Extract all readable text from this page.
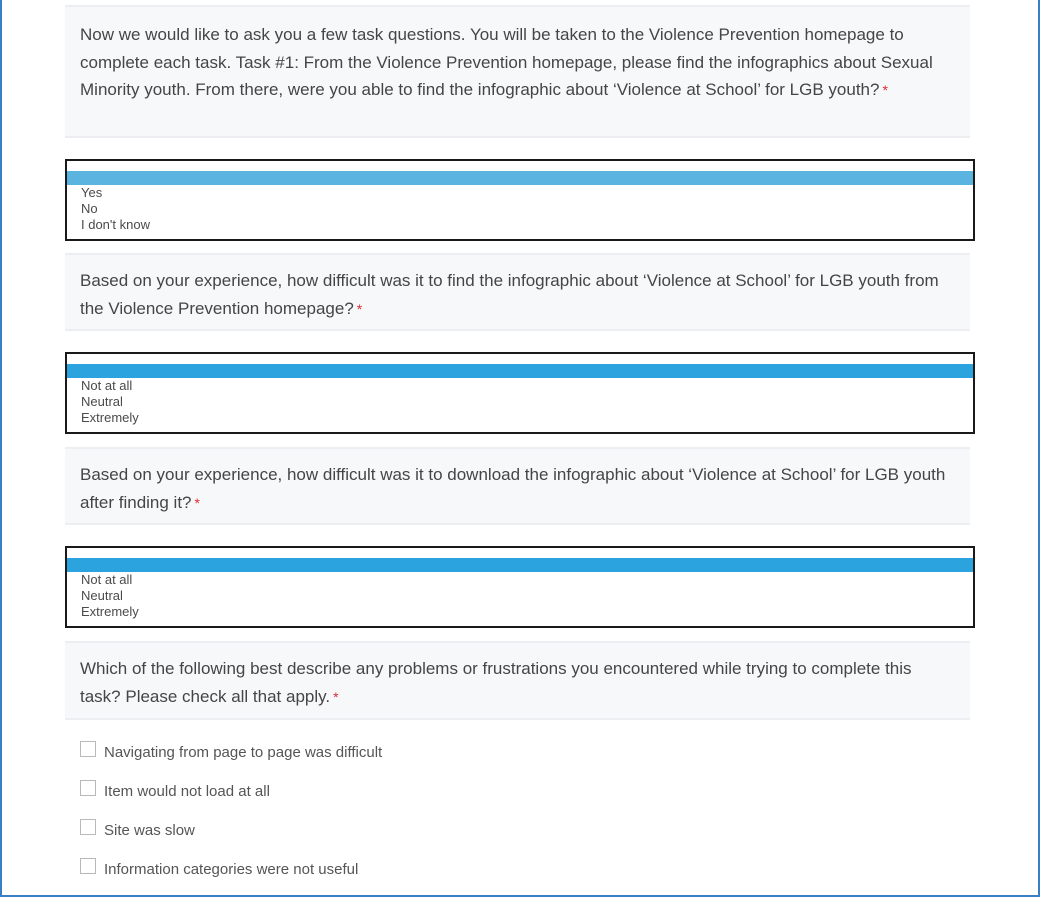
Now we would like to ask you a few task questions. You will be taken to the Violence Prevention homepage to complete each task. Task #1: From the Violence Prevention homepage, please find the infographics about Sexual Minority youth. From there, were you able to find the infographic about ‘Violence at School’ for LGB youth? *
Yes
No
I don't know
Based on your experience, how difficult was it to find the infographic about ‘Violence at School’ for LGB youth from the Violence Prevention homepage? *
Not at all
Neutral
Extremely
Based on your experience, how difficult was it to download the infographic about ‘Violence at School’ for LGB youth after finding it? *
Not at all
Neutral
Extremely
Which of the following best describe any problems or frustrations you encountered while trying to complete this task? Please check all that apply. *
Navigating from page to page was difficult
Item would not load at all
Site was slow
Information categories were not useful
